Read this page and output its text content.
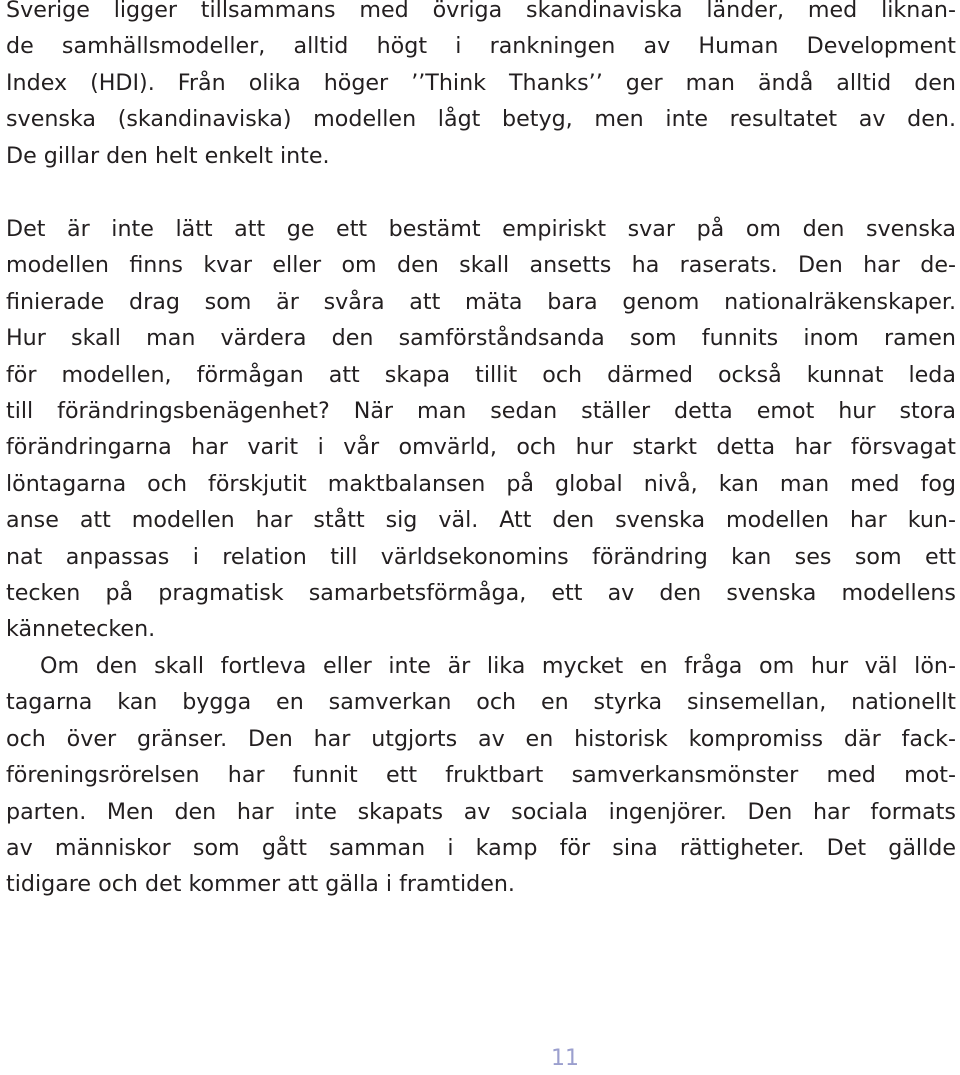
Sverige ligger tillsammans med övriga skandinaviska länder, med liknan-
de samhällsmodeller, alltid högt i rankningen av Human Development
Index (HDI). Från olika höger ’’Think Thanks’’ ger man ändå alltid den
svenska (skandinaviska) modellen lågt betyg, men inte resultatet av den.
De gillar den helt enkelt inte.

Det är inte lätt att ge ett bestämt empiriskt svar på om den svenska
modellen finns kvar eller om den skall ansetts ha raserats. Den har de-
finierade drag som är svåra att mäta bara genom nationalräkenskaper.
Hur skall man värdera den samförståndsanda som funnits inom ramen
för modellen, förmågan att skapa tillit och därmed också kunnat leda
till förändringsbenägenhet? När man sedan ställer detta emot hur stora
förändringarna har varit i vår omvärld, och hur starkt detta har försvagat
löntagarna och förskjutit maktbalansen på global nivå, kan man med fog
anse att modellen har stått sig väl. Att den svenska modellen har kun-
nat anpassas i relation till världsekonomins förändring kan ses som ett
tecken på pragmatisk samarbetsförmåga, ett av den svenska modellens
kännetecken.

Om den skall fortleva eller inte är lika mycket en fråga om hur väl lön-
tagarna kan bygga en samverkan och en styrka sinsemellan, nationellt
och över gränser. Den har utgjorts av en historisk kompromiss där fack-
föreningsrörelsen har funnit ett fruktbart samverkansmönster med mot-
parten. Men den har inte skapats av sociala ingenjörer. Den har formats
av människor som gått samman i kamp för sina rättigheter. Det gällde
tidigare och det kommer att gälla i framtiden.

11
